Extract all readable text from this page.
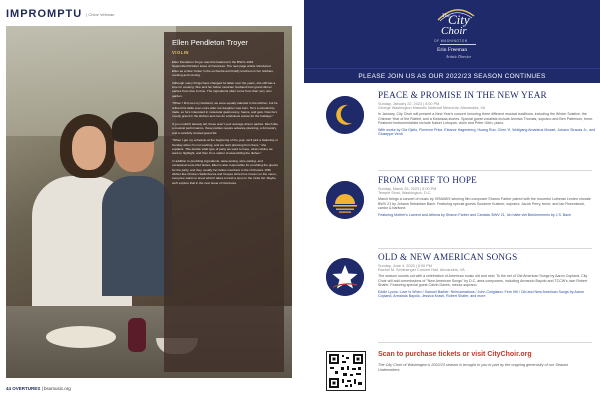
IMPROMPTU | Chloe Veltman
Ellen Pendleton Troyer
VIOLIN

Ellen Pendleton Troyer was first featured in the BSO's 1981 September/October issue of Overtures. The new page article introduced Ellen as a New Yorker in the orchestra and briefly touched on her hobbies, cooking and running.

Although many things have changed for Ellen over the years, she still has a love for cooking. She and her fellow musician husband host grand dinner parties from time to time. The ingredients often come from their very own garden.

"When I first met my husband, we were equally talented in the kitchen, but he refined his skills even more after our daughter was born. He's a scientist by trade, so he's interested in molecular gastronomy, foams, and gels. Now he's mostly grand in the kitchen and can do a fabulous entrée for the holidays."

If you couldn't already tell, these aren't your average dinner parties. Much like a musical performance, these parties require advance planning, a full pantry, and a carefully curated guest list.

"When I get my schedule at the beginning of the year, we'll pick a Saturday or Sunday when I'm not working, and we start planning from there," she explains. "We decide what type of party we want to have, what cuisine we want to highlight, and then it's a matter of assembling the dishes."

In addition to providing ingredients, taste-testing, wine pairing, and occasional sous-chef duties, Ellen is also responsible for providing the guests for the party, and they usually her fellow members in the Orchestra. With dishes like Chicken Saltimbocca and Crepes stirred Ice Cream on the menu, everyone wants to know what it takes to land a spot on the invite list. Maybe we'll explore that in the next issue of Overtures.

44 OVERTURES | bsomusic.org
The
City
Choir
OF WASHINGTON
Erin Freeman
Artistic Director
PLEASE JOIN US AS OUR 2022/23 SEASON CONTINUES
PEACE & PROMISE IN THE NEW YEAR
Sunday, January 22, 2023 | 5:00 PM
George Washington Masonic National Memorial, Alexandria, VA
In January, City Choir will present a New Year's concert honoring three different musical traditions, including the Winter Solstice, the Chinese Year of the Rabbit, and a Kwanzaa stories. Special guest vocalists include Annisia Thomas, soprano and Ben Patterson, tenor. Featured instrumentalists include Kaiser Lohoyan, violin and Peter Ulich, piano.
With works by Ola Gjeilo, Florence Price, Eleanor Hagenberg, Huang Ruo, Chen Yi, Wolfgang Amadeus Mozart, Johann Strauss Jr., and Giuseppe Verdi
FROM GRIEF TO HOPE
Sunday, March 26, 2023 | 5:00 PM
Temple Sinai, Washington, D.C.
March brings a concert of music by GRAMMY-winning film composer Sharon Farber paired with the mournful Lutheran Lenten chorale BWV 21 by Johann Sebastian Bach. Featuring special guests Susanne Kustner, soprano; Jacob Perry, tenor; and Ian Rosenstock, cantor & baritone.
Featuring Mother's Lament and Athena by Sharon Farber and Cantata, BWV 21, Ich hatte viel Bekümmernis by J.S. Bach
OLD & NEW AMERICAN SONGS
Sunday, June 4, 2023 | 5:00 PM
Rachel M. Schlesinger Concert Hall, Alexandria, VA
The season rounds out with a celebration of American music old and new. To the set of Old American Songs by Aaron Copland, City Choir will add commissions of "New American Songs" by D.C. area composers, including Armando Bayolo and TCCW's own Robert Shafer. Featuring special guest Calvin Daves, mezzo-soprano.
Eddie Lyons: Love Is When / Samuel Barber: Reincarnations / John Corigliano: Fern Hill / Old and New American Songs by Aaron Copland, Armando Bayolo, Jessica Krash, Robert Shafer, and more
Scan to purchase tickets or visit CityChoir.org
The City Choir of Washington's 2022/23 season is brought to you in part by the ongoing generosity of our Season Underwriters
